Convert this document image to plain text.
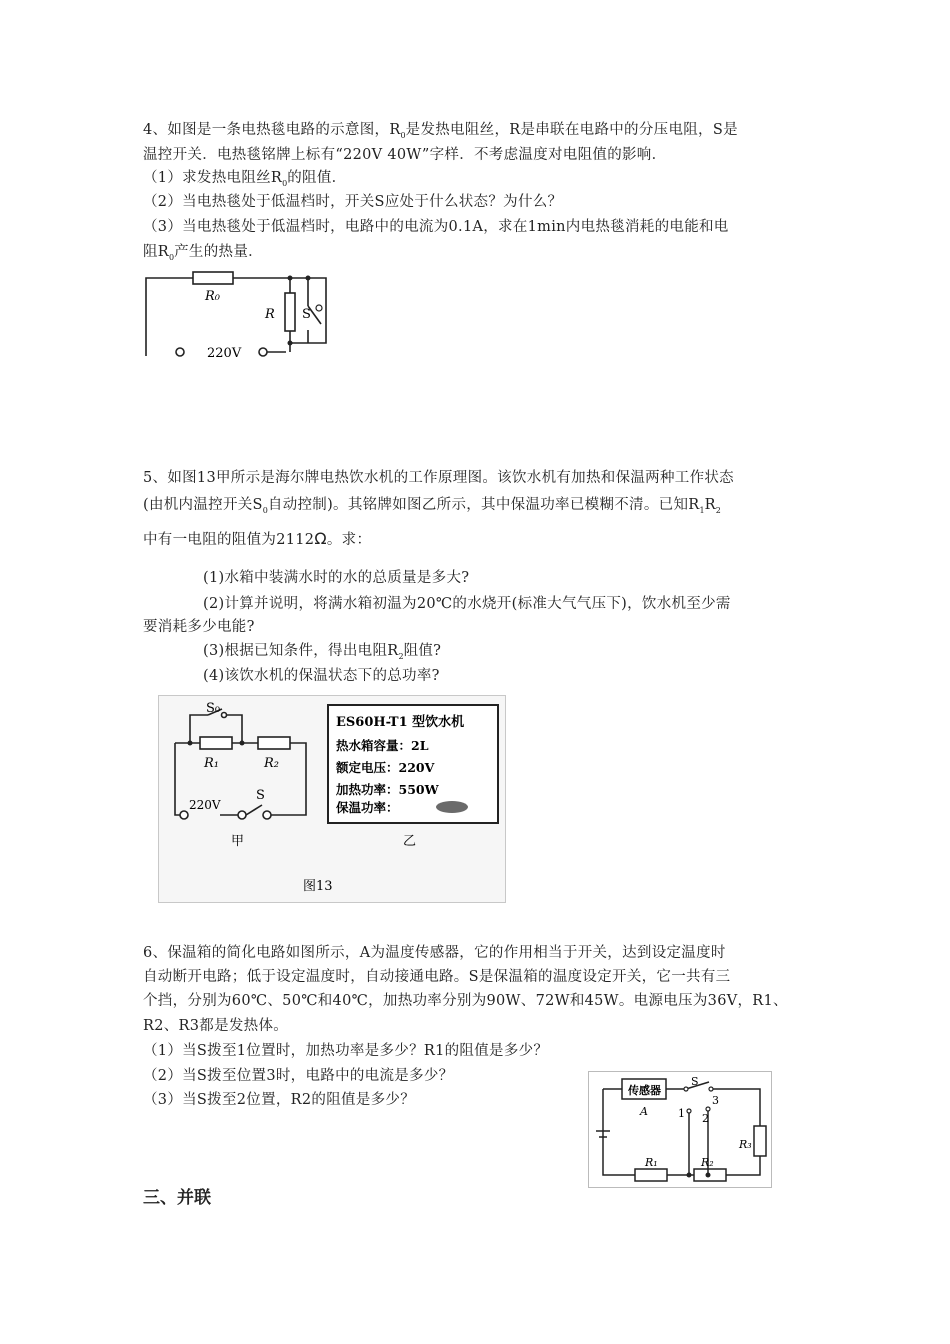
4、如图是一条电热毯电路的示意图，$R_0$是发热电阻丝，R是串联在电路中的分压电阻，S是
温控开关．电热毯铭牌上标有“220V 40W”字样．不考虑温度对电阻值的影响．
（1）求发热电阻丝$R_0$的阻值．
（2）当电热毯处于低温档时，开关S应处于什么状态？为什么？
（3）当电热毯处于低温档时，电路中的电流为0.1A，求在1min内电热毯消耗的电能和电
阻$R_0$产生的热量．
R₀
R S
220V
5、如图13甲所示是海尔牌电热饮水机的工作原理图。该饮水机有加热和保温两种工作状态
(由机内温控开关$S_0$自动控制)。其铭牌如图乙所示，其中保温功率已模糊不清。已知$R_1R_2$
中有一电阻的阻值为2112Ω。求：
(1)水箱中装满水时的水的总质量是多大?
(2)计算并说明，将满水箱初温为20℃的水烧开(标准大气气压下)，饮水机至少需
要消耗多少电能?
(3)根据已知条件，得出电阻$R_2$阻值?
(4)该饮水机的保温状态下的总功率?
S₀
R₁	R₂
220V
S
甲	乙
图13
ES60H-T1 型饮水机
热水箱容量：2L
额定电压：220V
加热功率：550W
保温功率：
6、保温箱的简化电路如图所示，A为温度传感器，它的作用相当于开关，达到设定温度时
自动断开电路；低于设定温度时，自动接通电路。S是保温箱的温度设定开关，它一共有三
个挡，分别为60℃、50℃和40℃，加热功率分别为90W、72W和45W。电源电压为36V，R1、
R2、R3都是发热体。
（1）当S拨至1位置时，加热功率是多少？R1的阻值是多少？
（2）当S拨至位置3时，电路中的电流是多少？
（3）当S拨至2位置，R2的阻值是多少？
传感器
A
S
1 2
3
R₁	R₂
R₃
三、并联
